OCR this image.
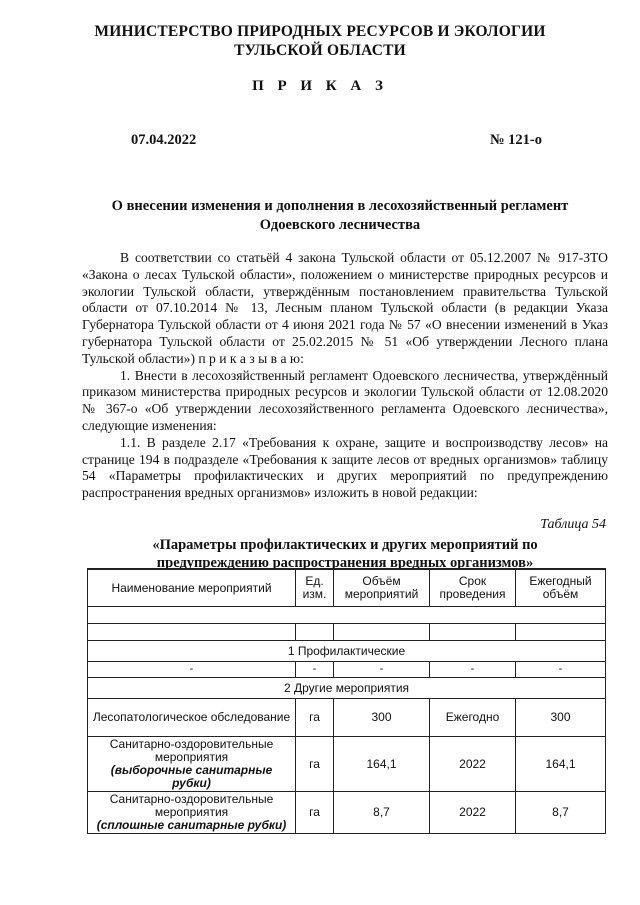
МИНИСТЕРСТВО ПРИРОДНЫХ РЕСУРСОВ И ЭКОЛОГИИ
ТУЛЬСКОЙ ОБЛАСТИ
П Р И К А З
07.04.2022	№ 121-о
О внесении изменения и дополнения в лесохозяйственный регламент
Одоевского лесничества

В соответствии со статьёй 4 закона Тульской области от 05.12.2007 № 917-ЗТО «Закона о лесах Тульской области», положением о министерстве природных ресурсов и экологии Тульской области, утверждённым постановлением правительства Тульской области от 07.10.2014 № 13, Лесным планом Тульской области (в редакции Указа Губернатора Тульской области от 4 июня 2021 года № 57 «О внесении изменений в Указ губернатора Тульской области от 25.02.2015 № 51 «Об утверждении Лесного плана Тульской области») п р и к а з ы в а ю:

1. Внести в лесохозяйственный регламент Одоевского лесничества, утверждённый приказом министерства природных ресурсов и экологии Тульской области от 12.08.2020 № 367-о «Об утверждении лесохозяйственного регламента Одоевского лесничества», следующие изменения:

1.1. В разделе 2.17 «Требования к охране, защите и воспроизводству лесов» на странице 194 в подразделе «Требования к защите лесов от вредных организмов» таблицу 54 «Параметры профилактических и других мероприятий по предупреждению распространения вредных организмов» изложить в новой редакции:

Таблица 54
«Параметры профилактических и других мероприятий по
предупреждению распространения вредных организмов»
Наименование мероприятий	Ед. изм.	Объём мероприятий	Срок проведения	Ежегодный объём

1 Профилактические				
-	-	-	-	-
2 Другие мероприятия				
Лесопатологическое обследование	га	300	Ежегодно	300

Санитарно-оздоровительные мероприятия
(выборочные санитарные рубки)	га	164,1	2022	164,1

Санитарно-оздоровительные мероприятия
(сплошные санитарные рубки)	га	8,7	2022	8,7
